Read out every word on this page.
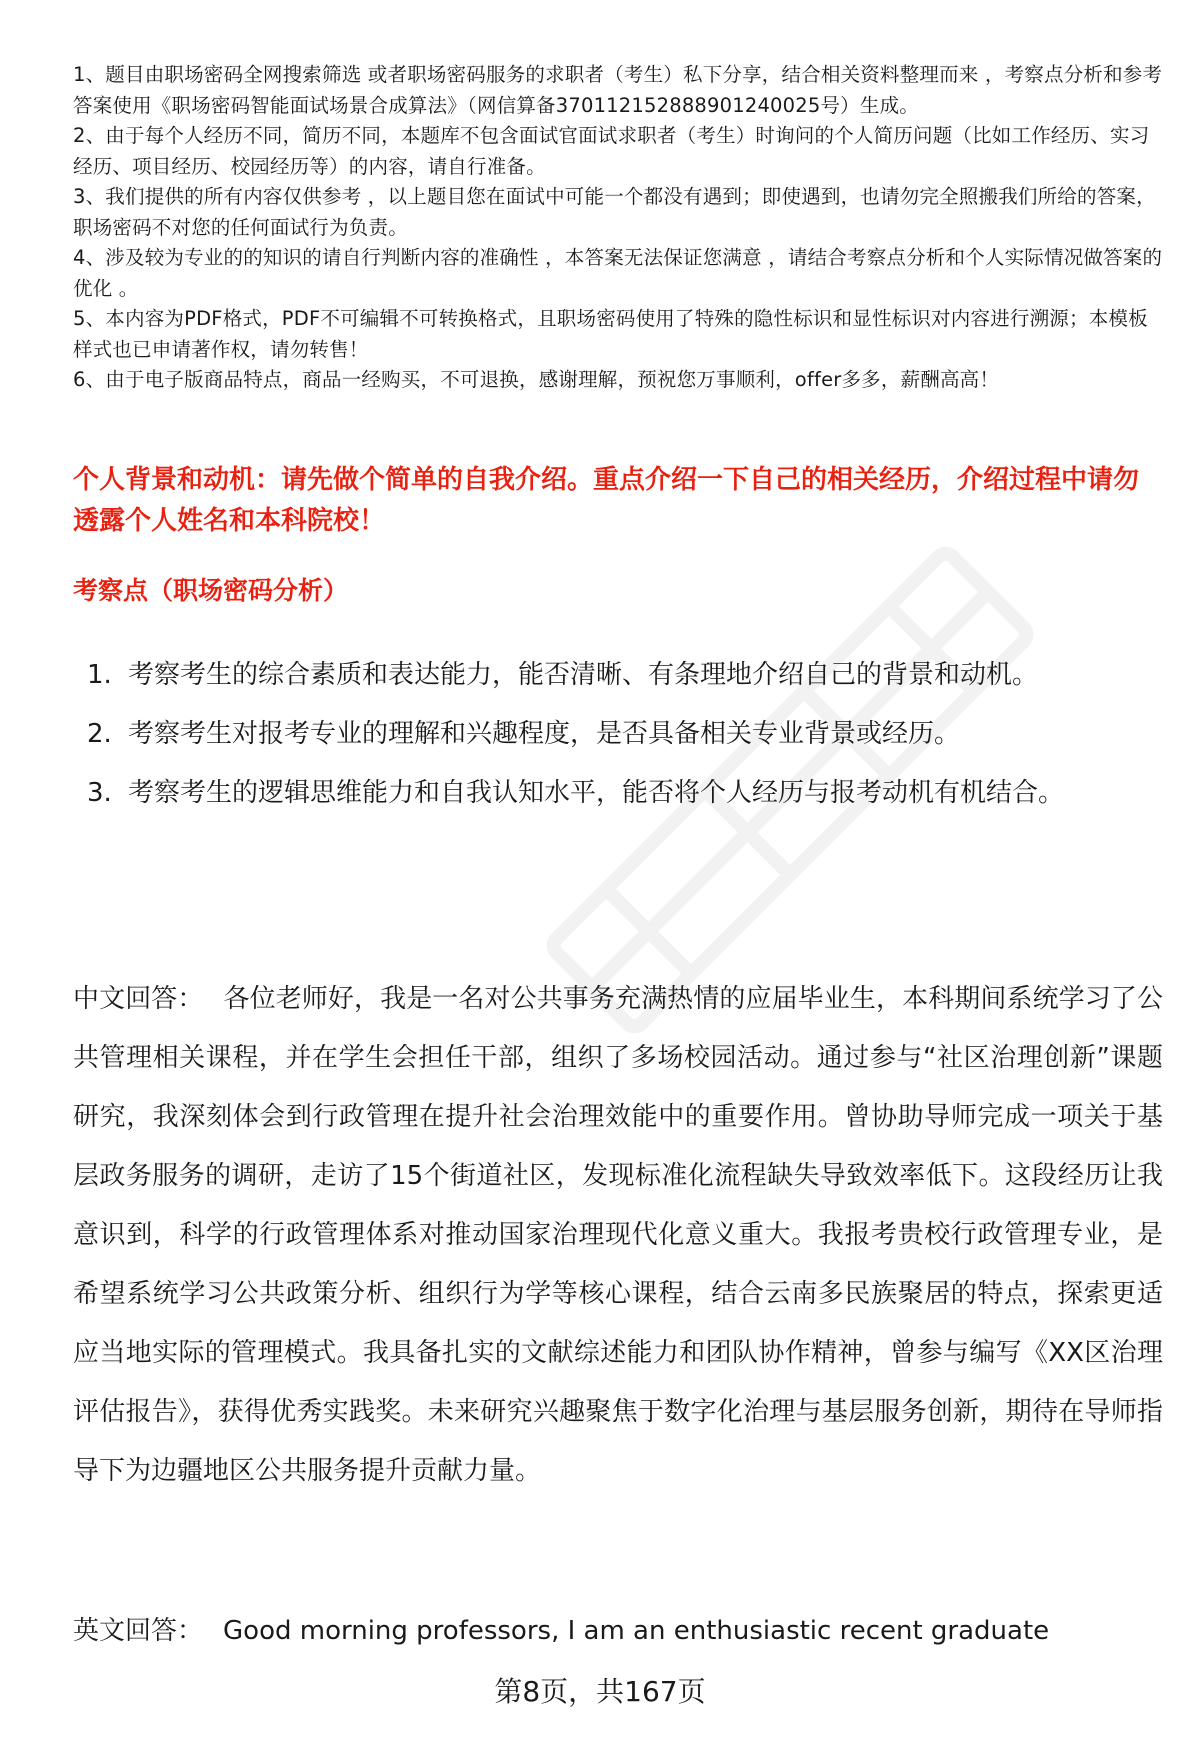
1、题目由职场密码全网搜索筛选 或者职场密码服务的求职者（考生）私下分享，结合相关资料整理而来 ，考察点分析和参考答案使用《职场密码智能面试场景合成算法》（网信算备370112152888901240025号）生成。

2、由于每个人经历不同，简历不同，本题库不包含面试官面试求职者（考生）时询问的个人简历问题（比如工作经历、实习经历、项目经历、校园经历等）的内容，请自行准备。

3、我们提供的所有内容仅供参考 ，以上题目您在面试中可能一个都没有遇到；即使遇到，也请勿完全照搬我们所给的答案，职场密码不对您的任何面试行为负责。

4、涉及较为专业的的知识的请自行判断内容的准确性 ，本答案无法保证您满意 ，请结合考察点分析和个人实际情况做答案的优化 。

5、本内容为PDF格式，PDF不可编辑不可转换格式，且职场密码使用了特殊的隐性标识和显性标识对内容进行溯源；本模板样式也已申请著作权，请勿转售！

6、由于电子版商品特点，商品一经购买，不可退换，感谢理解，预祝您万事顺利，offer多多，薪酬高高！

个人背景和动机：请先做个简单的自我介绍。重点介绍一下自己的相关经历，介绍过程中请勿透露个人姓名和本科院校！
考察点（职场密码分析）
1. 考察考生的综合素质和表达能力，能否清晰、有条理地介绍自己的背景和动机。
2. 考察考生对报考专业的理解和兴趣程度，是否具备相关专业背景或经历。
3. 考察考生的逻辑思维能力和自我认知水平，能否将个人经历与报考动机有机结合。

中文回答： 各位老师好，我是一名对公共事务充满热情的应届毕业生，本科期间系统学习了公共管理相关课程，并在学生会担任干部，组织了多场校园活动。通过参与“社区治理创新”课题研究，我深刻体会到行政管理在提升社会治理效能中的重要作用。曾协助导师完成一项关于基层政务服务的调研，走访了15个街道社区，发现标准化流程缺失导致效率低下。这段经历让我意识到，科学的行政管理体系对推动国家治理现代化意义重大。我报考贵校行政管理专业，是希望系统学习公共政策分析、组织行为学等核心课程，结合云南多民族聚居的特点，探索更适应当地实际的管理模式。我具备扎实的文献综述能力和团队协作精神，曾参与编写《XX区治理评估报告》，获得优秀实践奖。未来研究兴趣聚焦于数字化治理与基层服务创新，期待在导师指导下为边疆地区公共服务提升贡献力量。

英文回答： Good morning professors, I am an enthusiastic recent graduate

第8页，共167页
